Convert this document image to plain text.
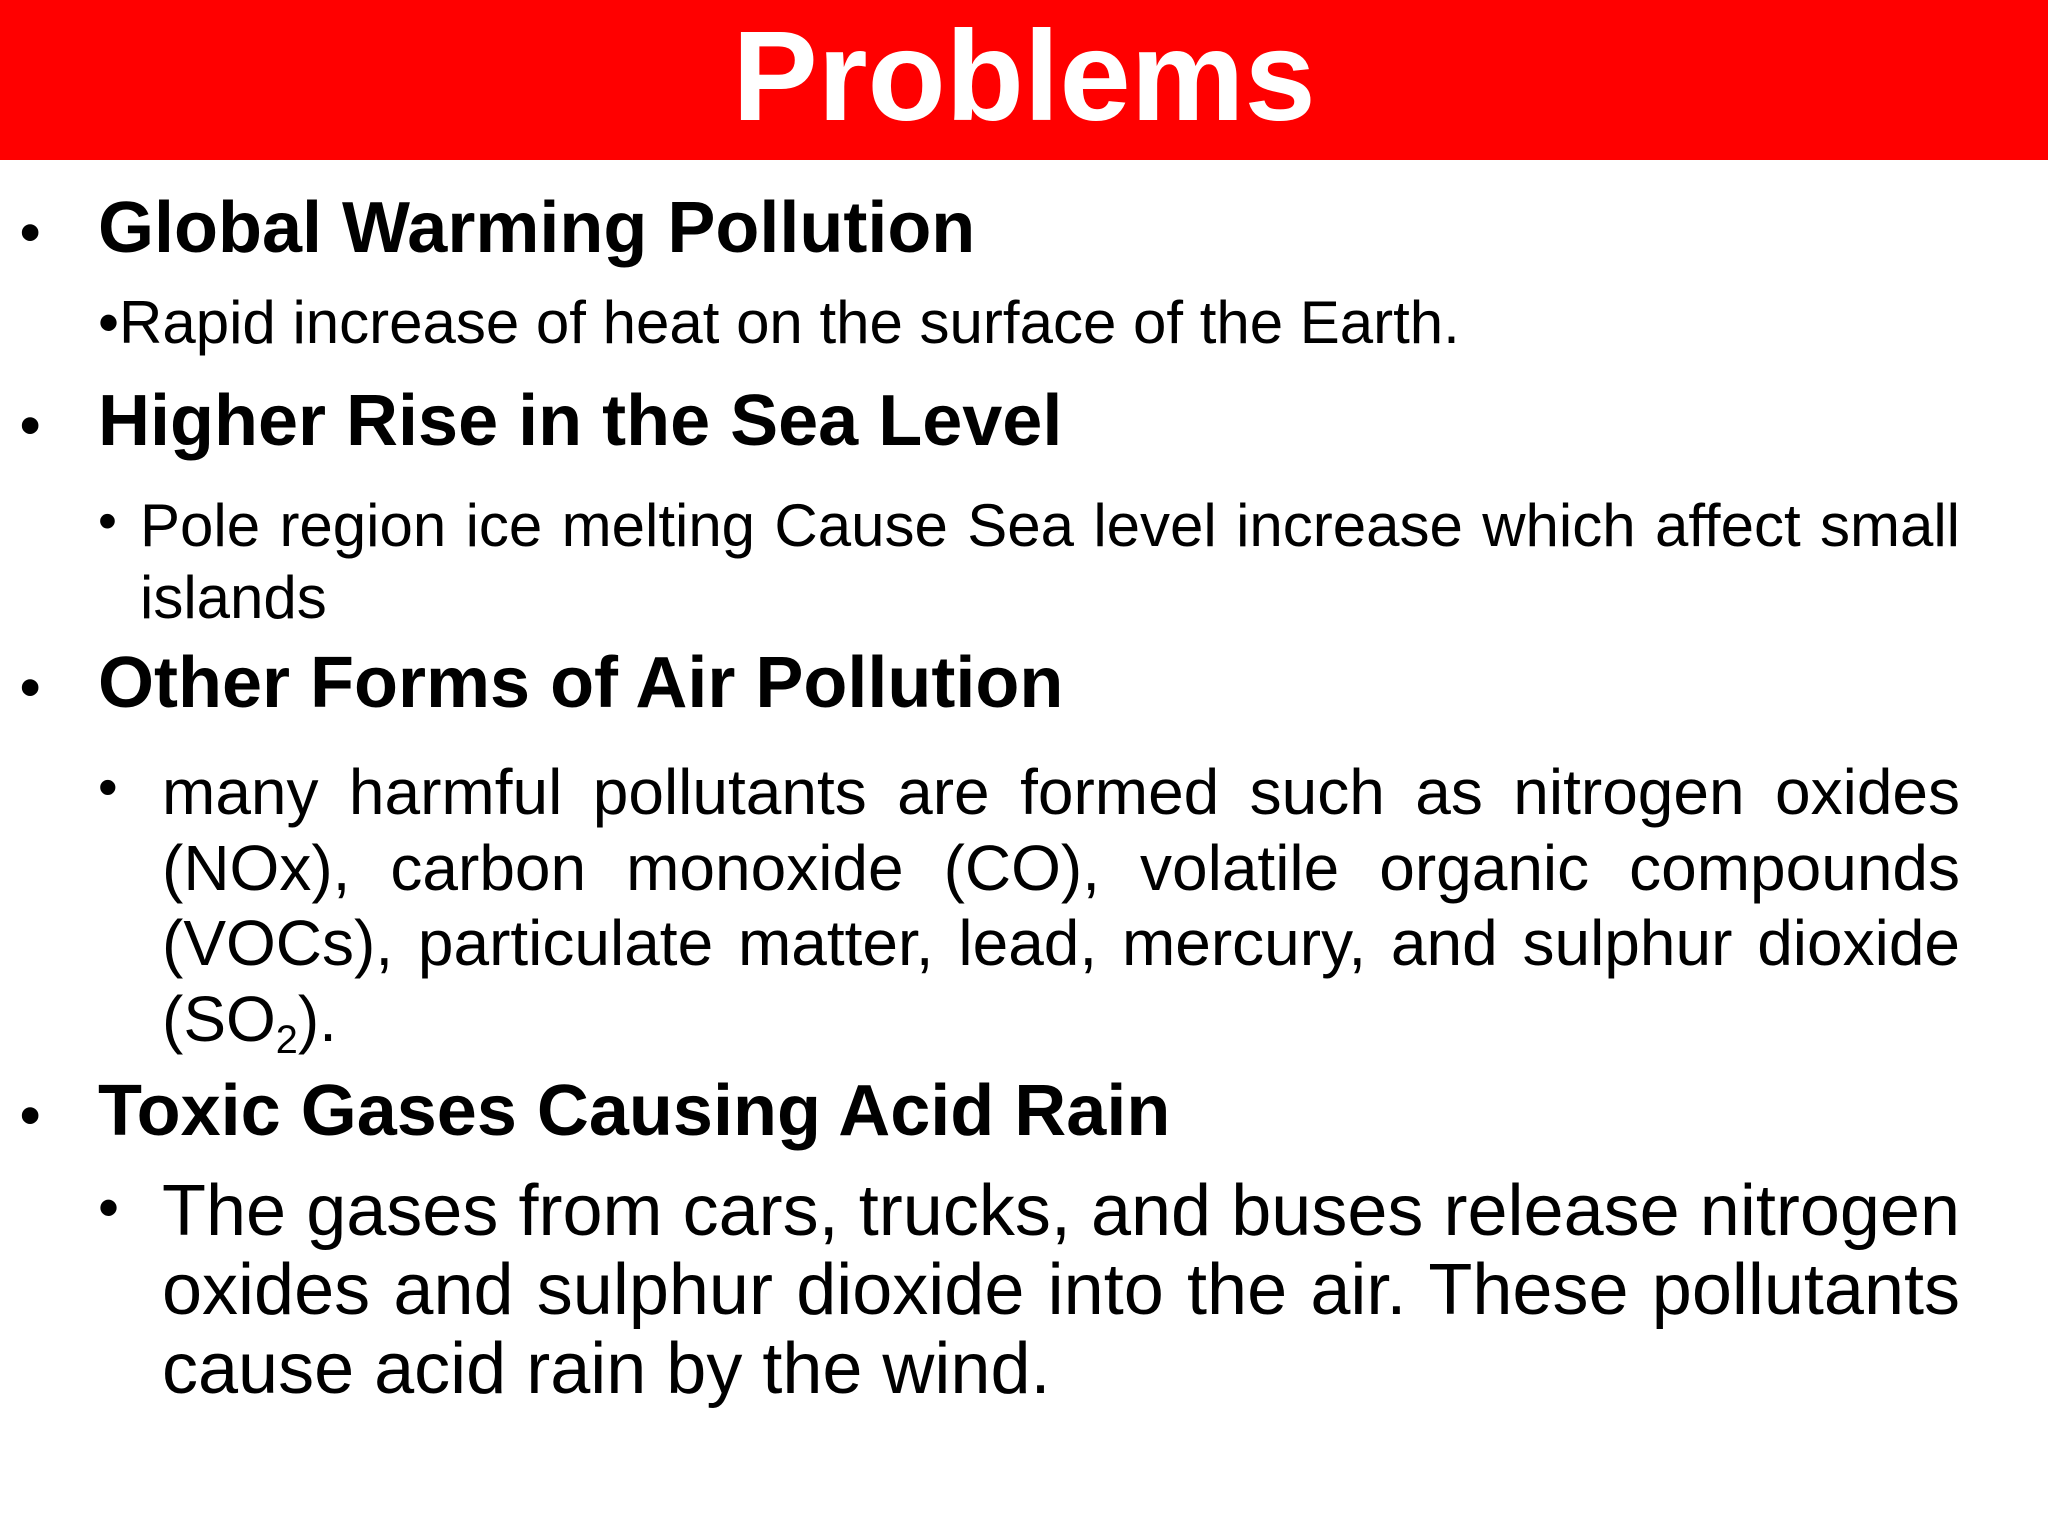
Problems
• Global Warming Pollution
•Rapid increase of heat on the surface of the Earth.
• Higher Rise in the Sea Level
• Pole region ice melting Cause Sea level increase which affect small islands
• Other Forms of Air Pollution
• many harmful pollutants are formed such as nitrogen oxides (NOx), carbon monoxide (CO), volatile organic compounds (VOCs), particulate matter, lead, mercury, and sulphur dioxide (SO2).
• Toxic Gases Causing Acid Rain
• The gases from cars, trucks, and buses release nitrogen oxides and sulphur dioxide into the air. These pollutants cause acid rain by the wind.
